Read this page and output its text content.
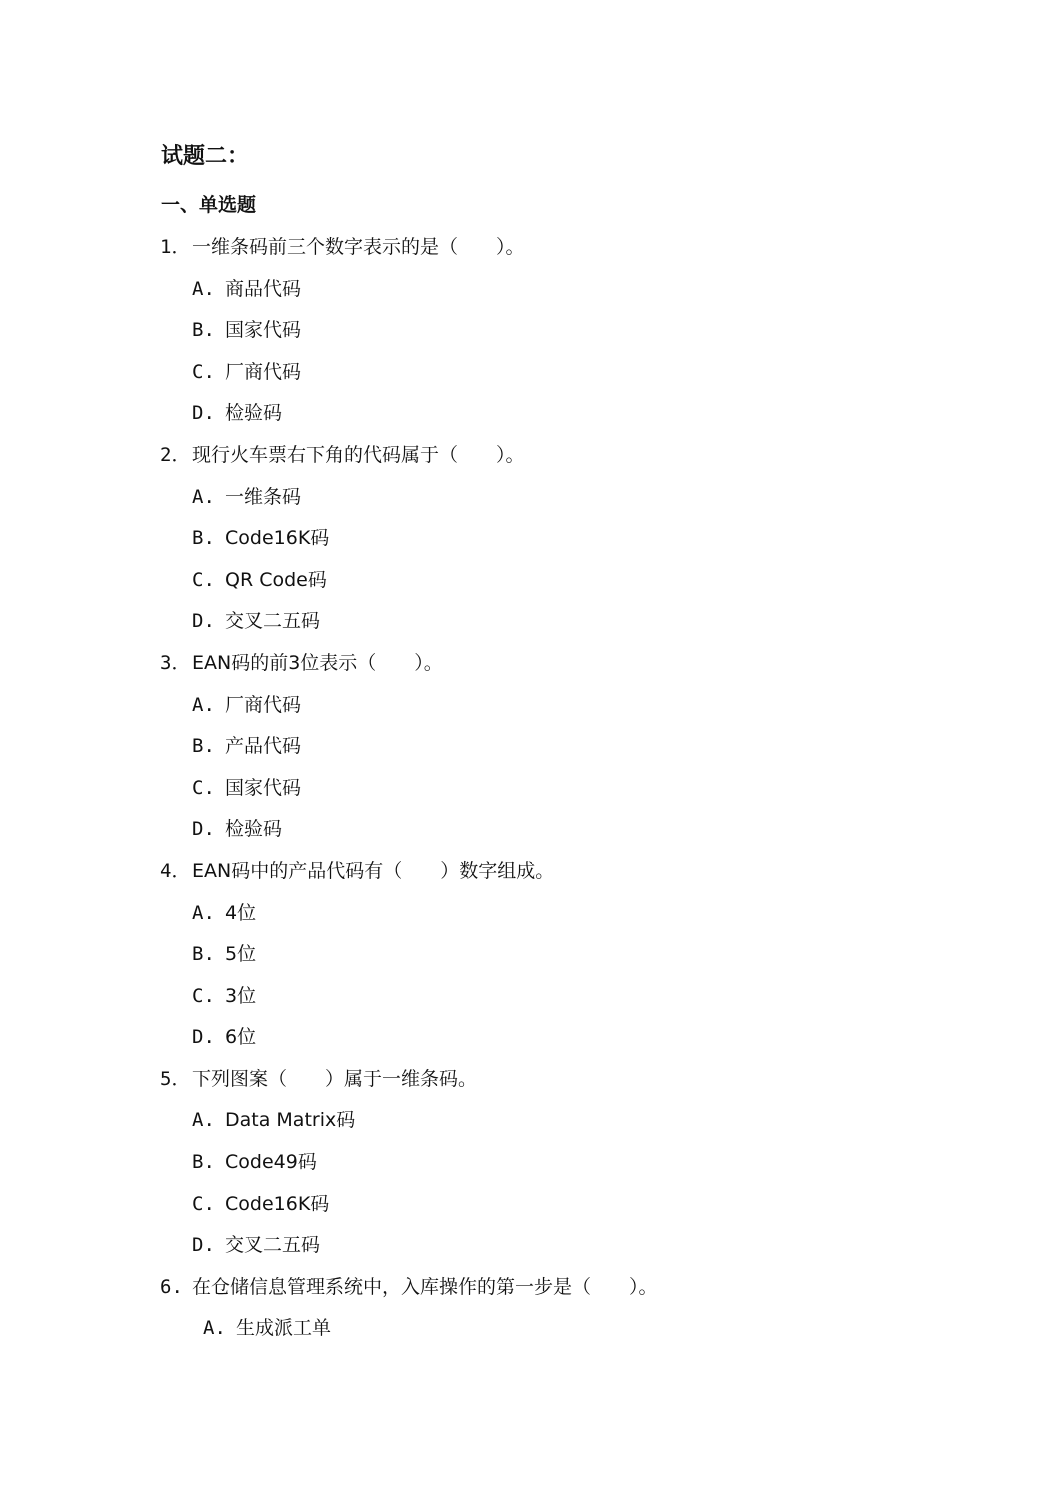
试题二：
一、单选题
1．一维条码前三个数字表示的是（　　）。
A. 商品代码
B. 国家代码
C. 厂商代码
D. 检验码
2．现行火车票右下角的代码属于（　　）。
A. 一维条码
B. Code16K码
C. QR Code码
D. 交叉二五码
3．EAN码的前3位表示（　　）。
A. 厂商代码
B. 产品代码
C. 国家代码
D. 检验码
4．EAN码中的产品代码有（　　）数字组成。
A. 4位
B. 5位
C. 3位
D. 6位
5．下列图案（　　）属于一维条码。
A. Data Matrix码
B. Code49码
C. Code16K码
D. 交叉二五码
6. 在仓储信息管理系统中，入库操作的第一步是（　　）。
A. 生成派工单
